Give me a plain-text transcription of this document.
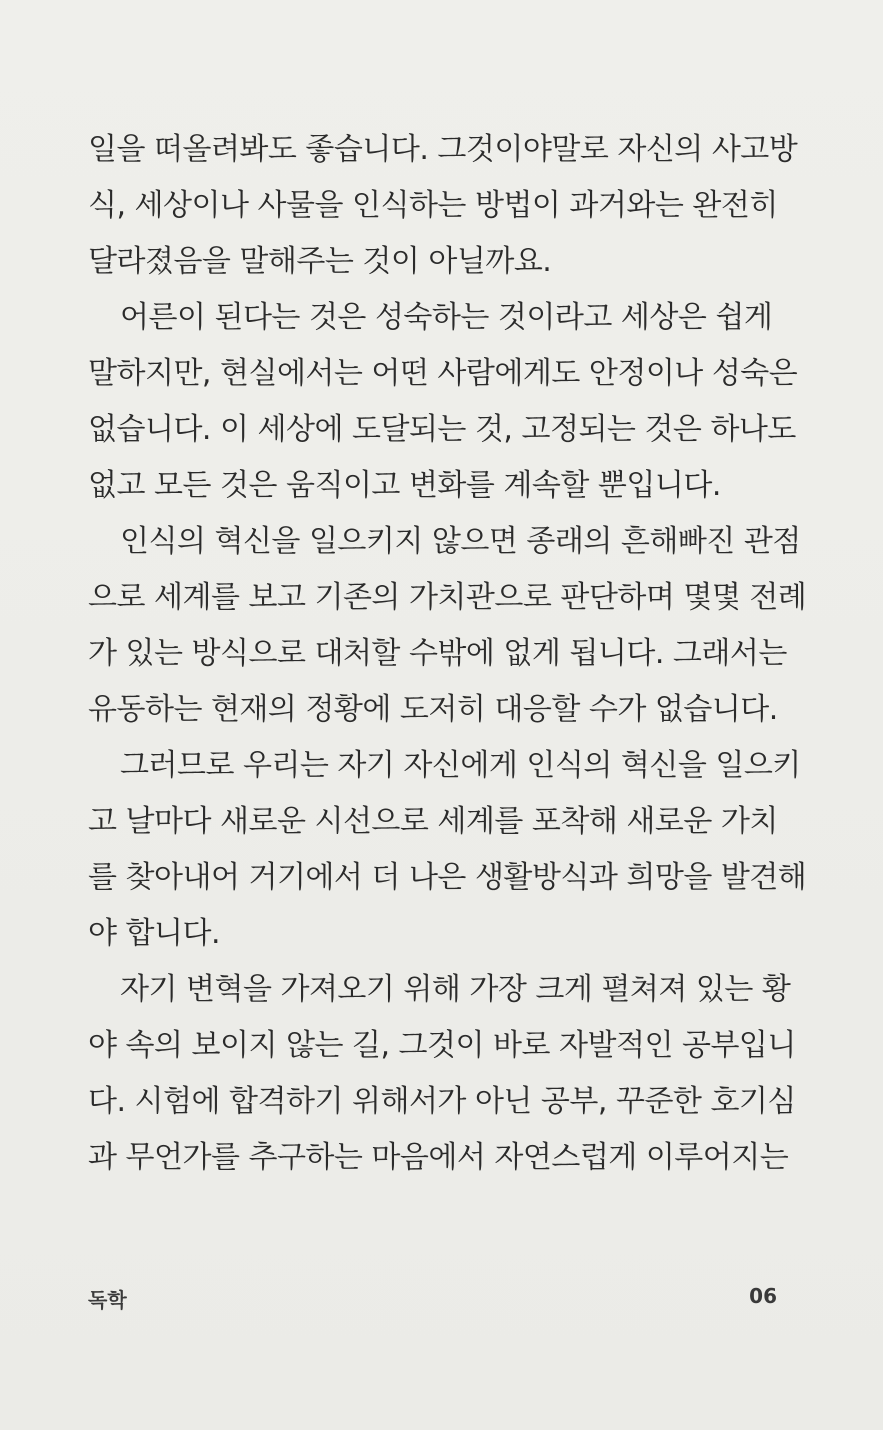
일을 떠올려봐도 좋습니다. 그것이야말로 자신의 사고방
식, 세상이나 사물을 인식하는 방법이 과거와는 완전히
달라졌음을 말해주는 것이 아닐까요.
어른이 된다는 것은 성숙하는 것이라고 세상은 쉽게
말하지만, 현실에서는 어떤 사람에게도 안정이나 성숙은
없습니다. 이 세상에 도달되는 것, 고정되는 것은 하나도
없고 모든 것은 움직이고 변화를 계속할 뿐입니다.
인식의 혁신을 일으키지 않으면 종래의 흔해빠진 관점
으로 세계를 보고 기존의 가치관으로 판단하며 몇몇 전례
가 있는 방식으로 대처할 수밖에 없게 됩니다. 그래서는
유동하는 현재의 정황에 도저히 대응할 수가 없습니다.
그러므로 우리는 자기 자신에게 인식의 혁신을 일으키
고 날마다 새로운 시선으로 세계를 포착해 새로운 가치
를 찾아내어 거기에서 더 나은 생활방식과 희망을 발견해
야 합니다.
자기 변혁을 가져오기 위해 가장 크게 펼쳐져 있는 황
야 속의 보이지 않는 길, 그것이 바로 자발적인 공부입니
다. 시험에 합격하기 위해서가 아닌 공부, 꾸준한 호기심
과 무언가를 추구하는 마음에서 자연스럽게 이루어지는
독학	06
